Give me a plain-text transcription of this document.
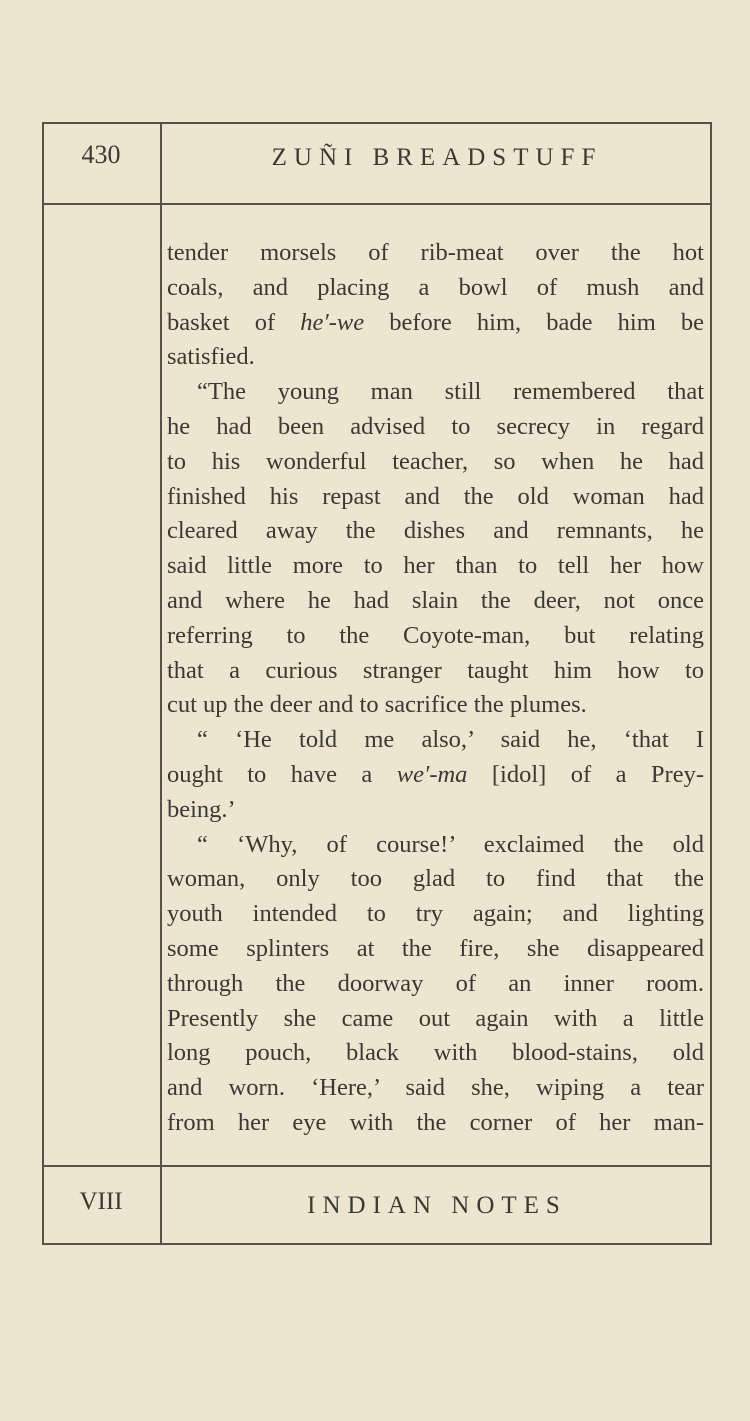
430	ZUÑI BREADSTUFF
tender morsels of rib-meat over the hot
coals, and placing a bowl of mush and
basket of he′-we before him, bade him be
satisfied.
“The young man still remembered that
he had been advised to secrecy in regard
to his wonderful teacher, so when he had
finished his repast and the old woman had
cleared away the dishes and remnants, he
said little more to her than to tell her how
and where he had slain the deer, not once
referring to the Coyote-man, but relating
that a curious stranger taught him how to
cut up the deer and to sacrifice the plumes.
“ ‘He told me also,’ said he, ‘that I
ought to have a we′-ma [idol] of a Prey-
being.’
“ ‘Why, of course!’ exclaimed the old
woman, only too glad to find that the
youth intended to try again; and lighting
some splinters at the fire, she disappeared
through the doorway of an inner room.
Presently she came out again with a little
long pouch, black with blood-stains, old
and worn. ‘Here,’ said she, wiping a tear
from her eye with the corner of her man-
VIII	INDIAN NOTES
